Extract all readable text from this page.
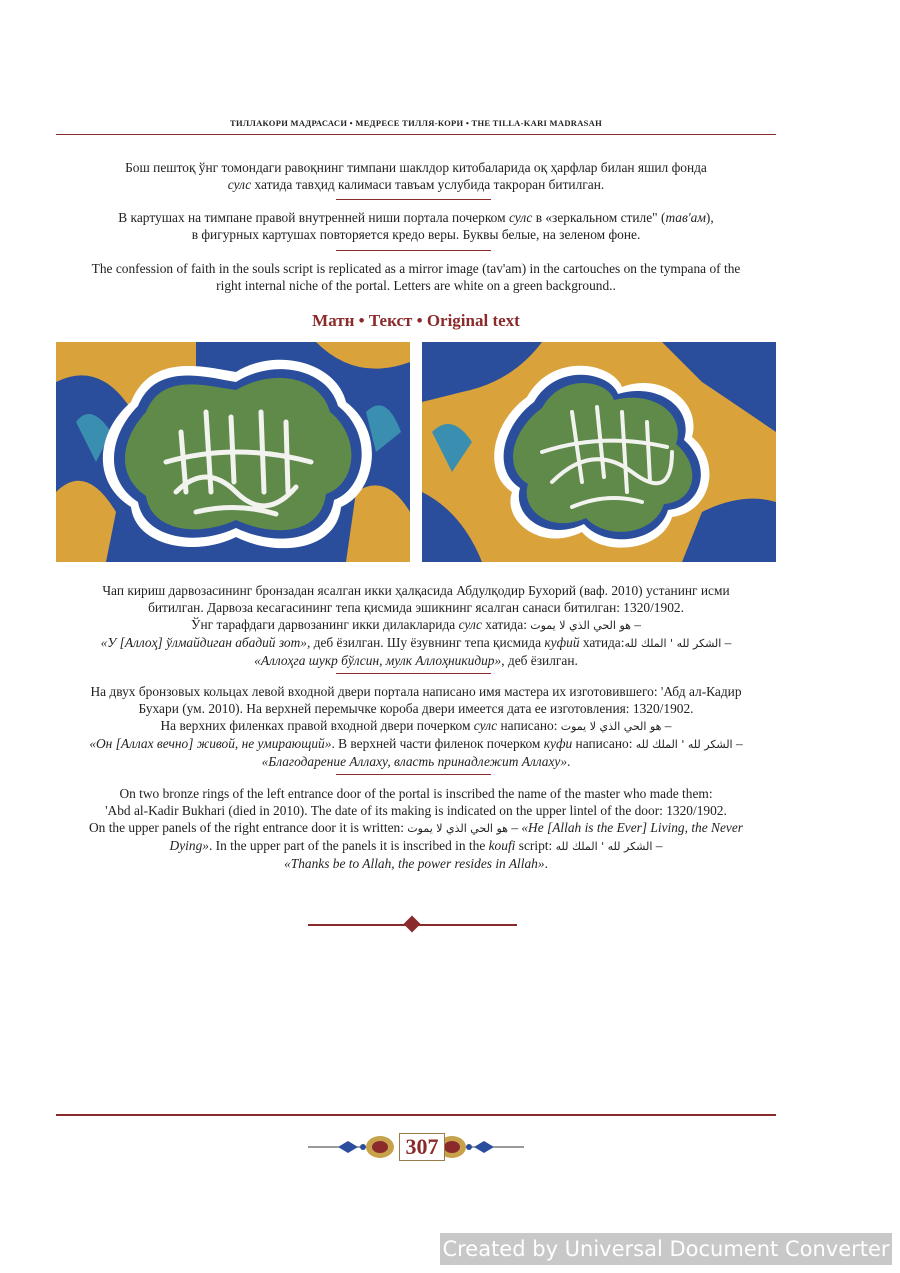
ТИЛЛАКОРИ МАДРАСАСИ • МЕДРЕСЕ ТИЛЛЯ-КОРИ • THE TILLA-KARI MADRASAH
Бош пештоқ ўнг томондаги равоқнинг тимпани шаклдор китобаларида оқ ҳарфлар билан яшил фонда
сулс хатида тавҳид калимаси тавъам услубида такроран битилган.
В картушах на тимпане правой внутренней ниши портала почерком сулс в «зеркальном стиле" (тав'ам),
в фигурных картушах повторяется кредо веры. Буквы белые, на зеленом фоне.
The confession of faith in the souls script is replicated as a mirror image (tav'am) in the cartouches on the tympana of the
right internal niche of the portal. Letters are white on a green background..
Матн • Текст • Original text
Чап кириш дарвозасининг бронзадан ясалган икки ҳалқасида Абдулқодир Бухорий (ваф. 2010) устанинг исми
битилган. Дарвоза кесагасининг тепа қисмида эшикнинг ясалган санаси битилган: 1320/1902.
Ўнг тарафдаги дарвозанинг икки дилакларида сулс хатида: هو الحي الذي لا يموت –
«У [Аллоҳ] ўлмайдиган абадий зот», деб ёзилган. Шу ёзувнинг тепа қисмида куфий хатида:الشكر لله ' الملك لله –
«Аллоҳга шукр бўлсин, мулк Аллоҳникидир», деб ёзилган.
На двух бронзовых кольцах левой входной двери портала написано имя мастера их изготовившего: 'Абд ал-Кадир
Бухари (ум. 2010). На верхней перемычке короба двери имеется дата ее изготовления: 1320/1902.
На верхних филенках правой входной двери почерком сулс написано: هو الحي الذي لا يموت –
«Он [Аллах вечно] живой, не умирающий». В верхней части филенок почерком куфи написано: الشكر لله ' الملك لله –
«Благодарение Аллаху, власть принадлежит Аллаху».
On two bronze rings of the left entrance door of the portal is inscribed the name of the master who made them:
'Abd al-Kadir Bukhari (died in 2010). The date of its making is indicated on the upper lintel of the door: 1320/1902.
On the upper panels of the right entrance door it is written: هو الحي الذي لا يموت – «He [Allah is the Ever] Living, the Never
Dying». In the upper part of the panels it is inscribed in the koufi script: الشكر لله ' الملك لله –
«Thanks be to Allah, the power resides in Allah».
307
Created by Universal Document Converter
